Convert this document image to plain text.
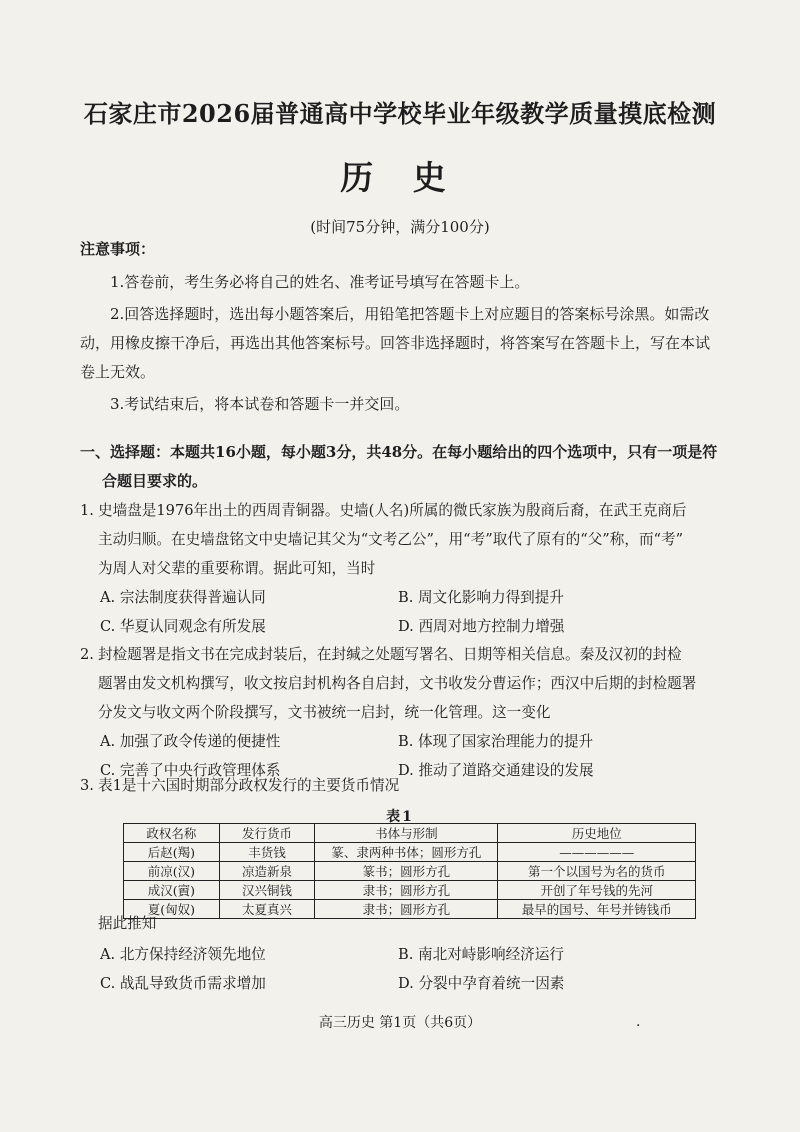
石家庄市2026届普通高中学校毕业年级教学质量摸底检测
历 史
(时间75分钟，满分100分)
注意事项：

1.答卷前，考生务必将自己的姓名、准考证号填写在答题卡上。

2.回答选择题时，选出每小题答案后，用铅笔把答题卡上对应题目的答案标号涂黑。如需改动，用橡皮擦干净后，再选出其他答案标号。回答非选择题时，将答案写在答题卡上，写在本试卷上无效。

3.考试结束后，将本试卷和答题卡一并交回。

一、选择题：本题共16小题，每小题3分，共48分。在每小题给出的四个选项中，只有一项是符
合题目要求的。

1. 史墙盘是1976年出土的西周青铜器。史墙(人名)所属的微氏家族为殷商后裔，在武王克商后
主动归顺。在史墙盘铭文中史墙记其父为“文考乙公”，用“考”取代了原有的“父”称，而“考”
为周人对父辈的重要称谓。据此可知，当时

A. 宗法制度获得普遍认同	B. 周文化影响力得到提升
C. 华夏认同观念有所发展	D. 西周对地方控制力增强

2. 封检题署是指文书在完成封装后，在封缄之处题写署名、日期等相关信息。秦及汉初的封检
题署由发文机构撰写，收文按启封机构各自启封，文书收发分曹运作；西汉中后期的封检题署
分发文与收文两个阶段撰写，文书被统一启封，统一化管理。这一变化

A. 加强了政令传递的便捷性	B. 体现了国家治理能力的提升
C. 完善了中央行政管理体系	D. 推动了道路交通建设的发展

3. 表1是十六国时期部分政权发行的主要货币情况

表1
政权名称	发行货币	书体与形制	历史地位
后赵(羯)	丰货钱	篆、隶两种书体；圆形方孔	——————
前凉(汉)	凉造新泉	篆书；圆形方孔	第一个以国号为名的货币
成汉(賨)	汉兴铜钱	隶书；圆形方孔	开创了年号钱的先河
夏(匈奴)	太夏真兴	隶书；圆形方孔	最早的国号、年号并铸钱币
据此推知
A. 北方保持经济领先地位	B. 南北对峙影响经济运行
C. 战乱导致货币需求增加	D. 分裂中孕育着统一因素
高三历史 第1页（共6页）	.
